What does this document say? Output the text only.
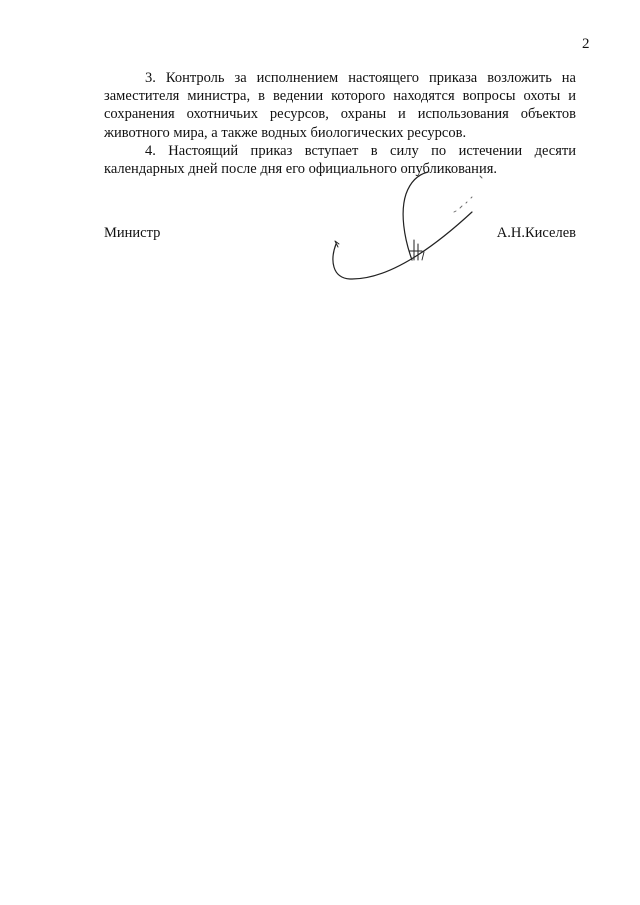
2

3. Контроль за исполнением настоящего приказа возложить на заместителя министра, в ведении которого находятся вопросы охоты и сохранения охотничьих ресурсов, охраны и использования объектов животного мира, а также водных биологических ресурсов.

4. Настоящий приказ вступает в силу по истечении десяти календарных дней после дня его официального опубликования.

Министр	А.Н.Киселев
